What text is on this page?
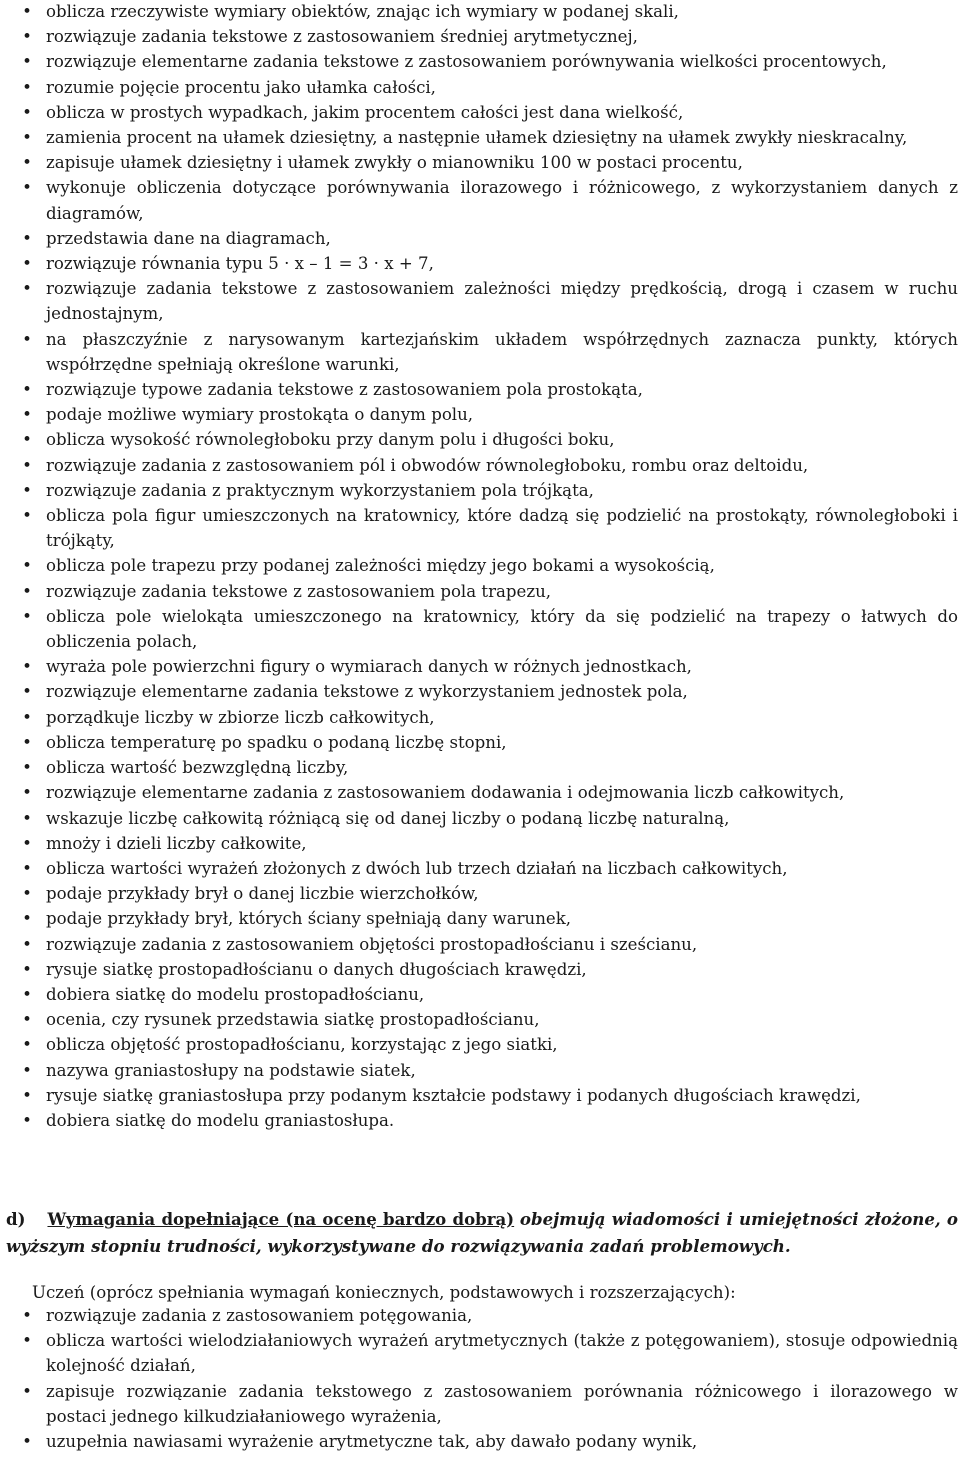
• oblicza rzeczywiste wymiary obiektów, znając ich wymiary w podanej skali,
• rozwiązuje zadania tekstowe z zastosowaniem średniej arytmetycznej,
• rozwiązuje elementarne zadania tekstowe z zastosowaniem porównywania wielkości procentowych,
• rozumie pojęcie procentu jako ułamka całości,
• oblicza w prostych wypadkach, jakim procentem całości jest dana wielkość,
• zamienia procent na ułamek dziesiętny, a następnie ułamek dziesiętny na ułamek zwykły nieskracalny,
• zapisuje ułamek dziesiętny i ułamek zwykły o mianowniku 100 w postaci procentu,
• wykonuje obliczenia dotyczące porównywania ilorazowego i różnicowego, z wykorzystaniem danych z diagramów,
• przedstawia dane na diagramach,
• rozwiązuje równania typu 5 · x – 1 = 3 · x + 7,
• rozwiązuje zadania tekstowe z zastosowaniem zależności między prędkością, drogą i czasem w ruchu jednostajnym,
• na płaszczyźnie z narysowanym kartezjańskim układem współrzędnych zaznacza punkty, których współrzędne spełniają określone warunki,
• rozwiązuje typowe zadania tekstowe z zastosowaniem pola prostokąta,
• podaje możliwe wymiary prostokąta o danym polu,
• oblicza wysokość równoległoboku przy danym polu i długości boku,
• rozwiązuje zadania z zastosowaniem pól i obwodów równoległoboku, rombu oraz deltoidu,
• rozwiązuje zadania z praktycznym wykorzystaniem pola trójkąta,
• oblicza pola figur umieszczonych na kratownicy, które dadzą się podzielić na prostokąty, równoległoboki i trójkąty,
• oblicza pole trapezu przy podanej zależności między jego bokami a wysokością,
• rozwiązuje zadania tekstowe z zastosowaniem pola trapezu,
• oblicza pole wielokąta umieszczonego na kratownicy, który da się podzielić na trapezy o łatwych do obliczenia polach,
• wyraża pole powierzchni figury o wymiarach danych w różnych jednostkach,
• rozwiązuje elementarne zadania tekstowe z wykorzystaniem jednostek pola,
• porządkuje liczby w zbiorze liczb całkowitych,
• oblicza temperaturę po spadku o podaną liczbę stopni,
• oblicza wartość bezwzględną liczby,
• rozwiązuje elementarne zadania z zastosowaniem dodawania i odejmowania liczb całkowitych,
• wskazuje liczbę całkowitą różniącą się od danej liczby o podaną liczbę naturalną,
• mnoży i dzieli liczby całkowite,
• oblicza wartości wyrażeń złożonych z dwóch lub trzech działań na liczbach całkowitych,
• podaje przykłady brył o danej liczbie wierzchołków,
• podaje przykłady brył, których ściany spełniają dany warunek,
• rozwiązuje zadania z zastosowaniem objętości prostopadłościanu i sześcianu,
• rysuje siatkę prostopadłościanu o danych długościach krawędzi,
• dobiera siatkę do modelu prostopadłościanu,
• ocenia, czy rysunek przedstawia siatkę prostopadłościanu,
• oblicza objętość prostopadłościanu, korzystając z jego siatki,
• nazywa graniastosłupy na podstawie siatek,
• rysuje siatkę graniastosłupa przy podanym kształcie podstawy i podanych długościach krawędzi,
• dobiera siatkę do modelu graniastosłupa.
d) Wymagania dopełniające (na ocenę bardzo dobrą) obejmują wiadomości i umiejętności złożone, o wyższym stopniu trudności, wykorzystywane do rozwiązywania zadań problemowych.
Uczeń (oprócz spełniania wymagań koniecznych, podstawowych i rozszerzających):
• rozwiązuje zadania z zastosowaniem potęgowania,
• oblicza wartości wielodziałaniowych wyrażeń arytmetycznych (także z potęgowaniem), stosuje odpowiednią kolejność działań,
• zapisuje rozwiązanie zadania tekstowego z zastosowaniem porównania różnicowego i ilorazowego w postaci jednego kilkudziałaniowego wyrażenia,
• uzupełnia nawiasami wyrażenie arytmetyczne tak, aby dawało podany wynik,
